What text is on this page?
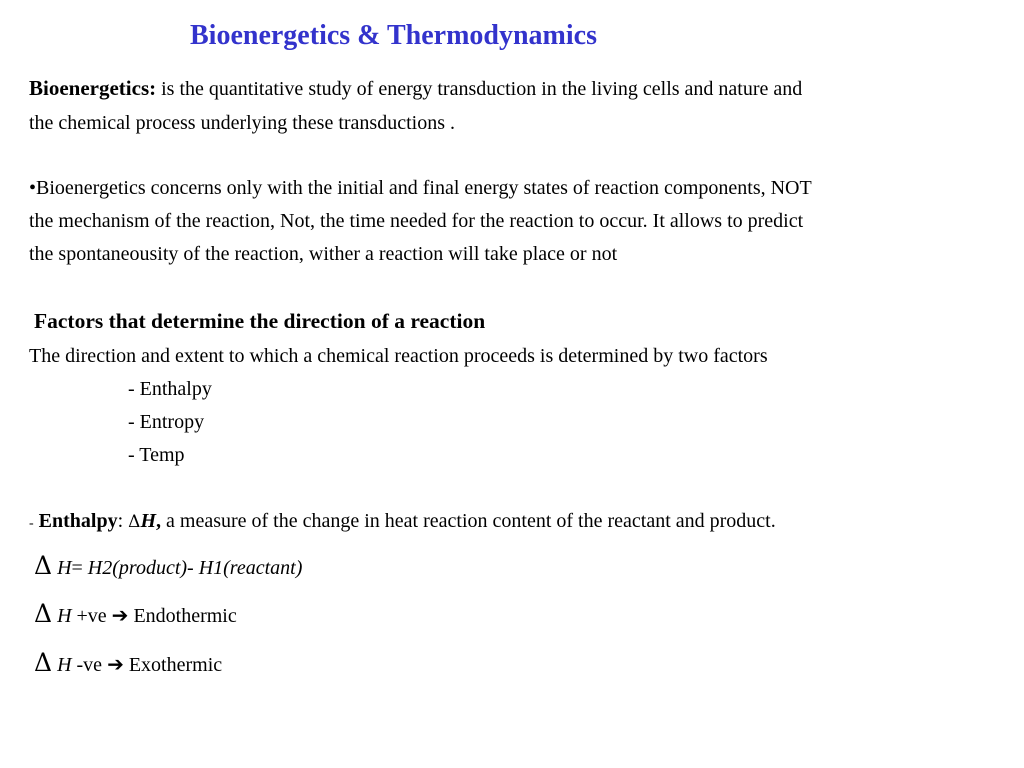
Bioenergetics & Thermodynamics
Bioenergetics: is the quantitative study of energy transduction in the living cells and nature and
the chemical process underlying these transductions .
•Bioenergetics concerns only with the initial and final energy states of reaction components, NOT
the mechanism of the reaction, Not, the time needed for the reaction to occur. It allows to predict
the spontaneousity of the reaction, wither a reaction will take place or not
Factors that determine the direction of a reaction
The direction and extent to which a chemical reaction proceeds is determined by two factors
- Enthalpy
- Entropy
- Temp
- Enthalpy: ΔH, a measure of the change in heat reaction content of the reactant and product.
Δ H= H2(product)- H1(reactant)
Δ H +ve ➔ Endothermic
Δ H -ve ➔ Exothermic
